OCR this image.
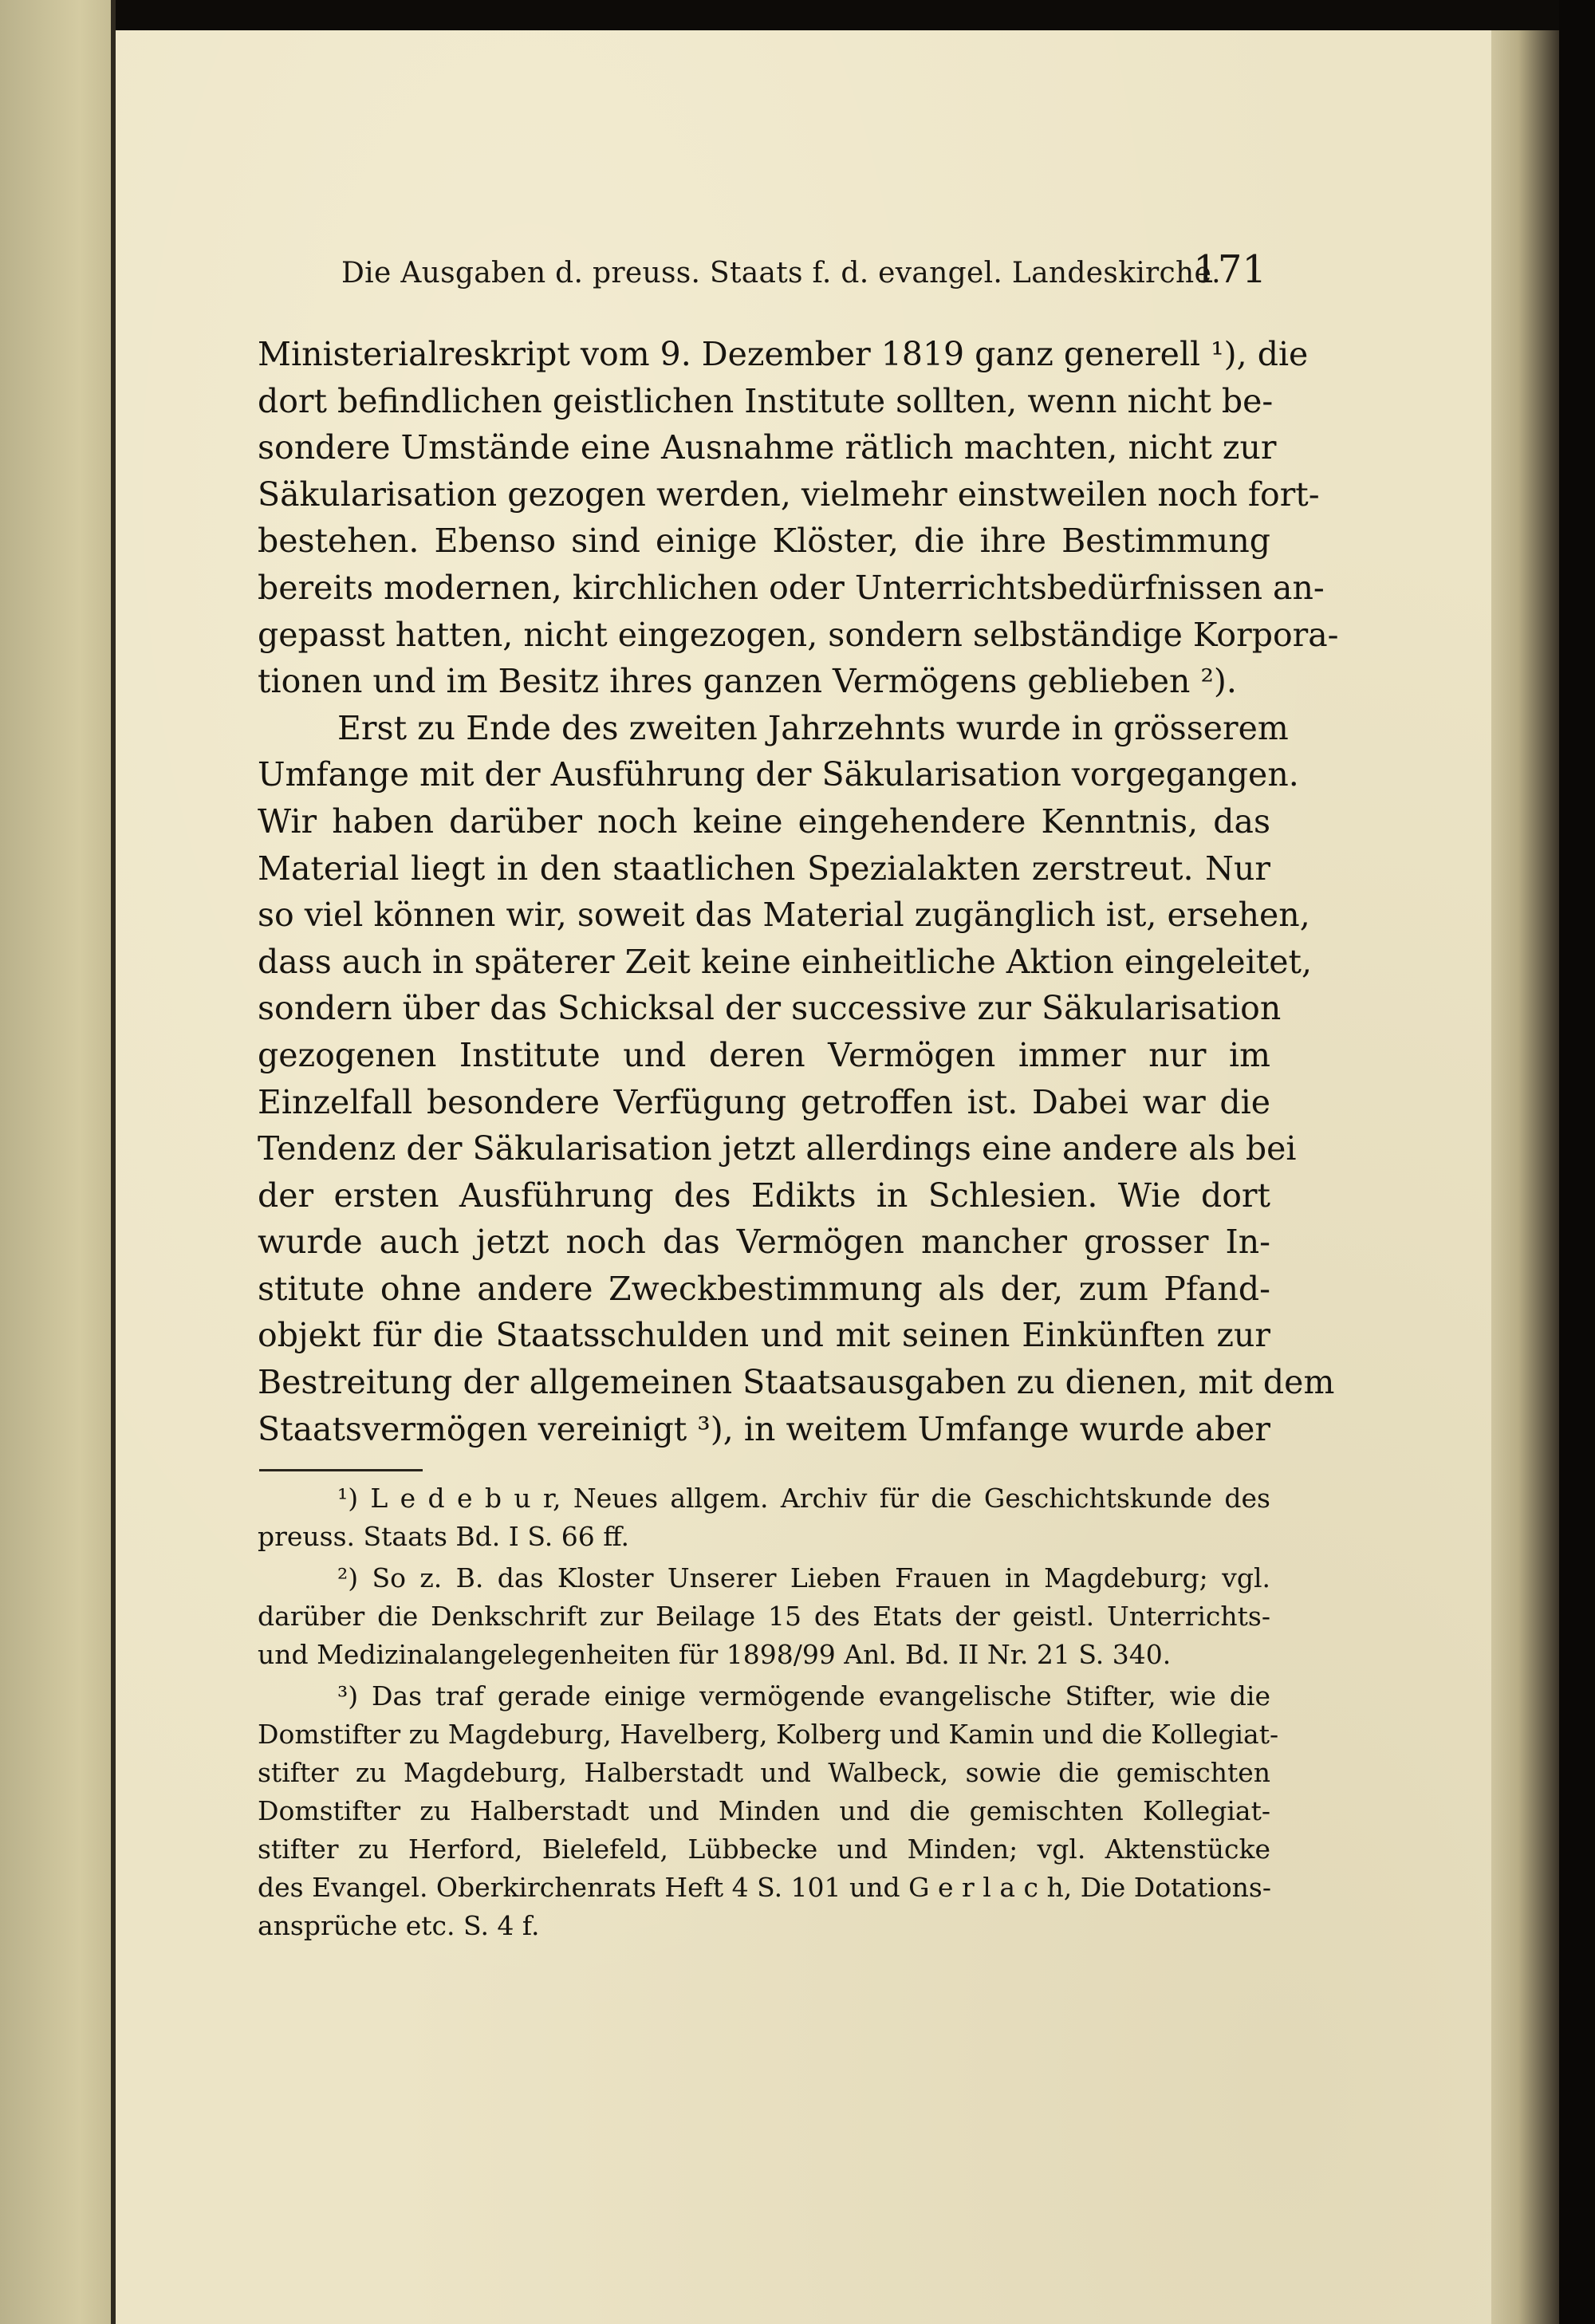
Die Ausgaben d. preuss. Staats f. d. evangel. Landeskirche.
171
Ministerialreskript vom 9. Dezember 1819 ganz generell ¹), die
dort befindlichen geistlichen Institute sollten, wenn nicht be-
sondere Umstände eine Ausnahme rätlich machten, nicht zur
Säkularisation gezogen werden, vielmehr einstweilen noch fort-
bestehen. Ebenso sind einige Klöster, die ihre Bestimmung
bereits modernen, kirchlichen oder Unterrichtsbedürfnissen an-
gepasst hatten, nicht eingezogen, sondern selbständige Korpora-
tionen und im Besitz ihres ganzen Vermögens geblieben ²).
Erst zu Ende des zweiten Jahrzehnts wurde in grösserem
Umfange mit der Ausführung der Säkularisation vorgegangen.
Wir haben darüber noch keine eingehendere Kenntnis, das
Material liegt in den staatlichen Spezialakten zerstreut. Nur
so viel können wir, soweit das Material zugänglich ist, ersehen,
dass auch in späterer Zeit keine einheitliche Aktion eingeleitet,
sondern über das Schicksal der successive zur Säkularisation
gezogenen Institute und deren Vermögen immer nur im
Einzelfall besondere Verfügung getroffen ist. Dabei war die
Tendenz der Säkularisation jetzt allerdings eine andere als bei
der ersten Ausführung des Edikts in Schlesien. Wie dort
wurde auch jetzt noch das Vermögen mancher grosser In-
stitute ohne andere Zweckbestimmung als der, zum Pfand-
objekt für die Staatsschulden und mit seinen Einkünften zur
Bestreitung der allgemeinen Staatsausgaben zu dienen, mit dem
Staatsvermögen vereinigt ³), in weitem Umfange wurde aber
¹) L e d e b u r, Neues allgem. Archiv für die Geschichtskunde des
preuss. Staats Bd. I S. 66 ff.
²) So z. B. das Kloster Unserer Lieben Frauen in Magdeburg; vgl.
darüber die Denkschrift zur Beilage 15 des Etats der geistl. Unterrichts-
und Medizinalangelegenheiten für 1898/99 Anl. Bd. II Nr. 21 S. 340.
³) Das traf gerade einige vermögende evangelische Stifter, wie die
Domstifter zu Magdeburg, Havelberg, Kolberg und Kamin und die Kollegiat-
stifter zu Magdeburg, Halberstadt und Walbeck, sowie die gemischten
Domstifter zu Halberstadt und Minden und die gemischten Kollegiat-
stifter zu Herford, Bielefeld, Lübbecke und Minden; vgl. Aktenstücke
des Evangel. Oberkirchenrats Heft 4 S. 101 und G e r l a c h, Die Dotations-
ansprüche etc. S. 4 f.
